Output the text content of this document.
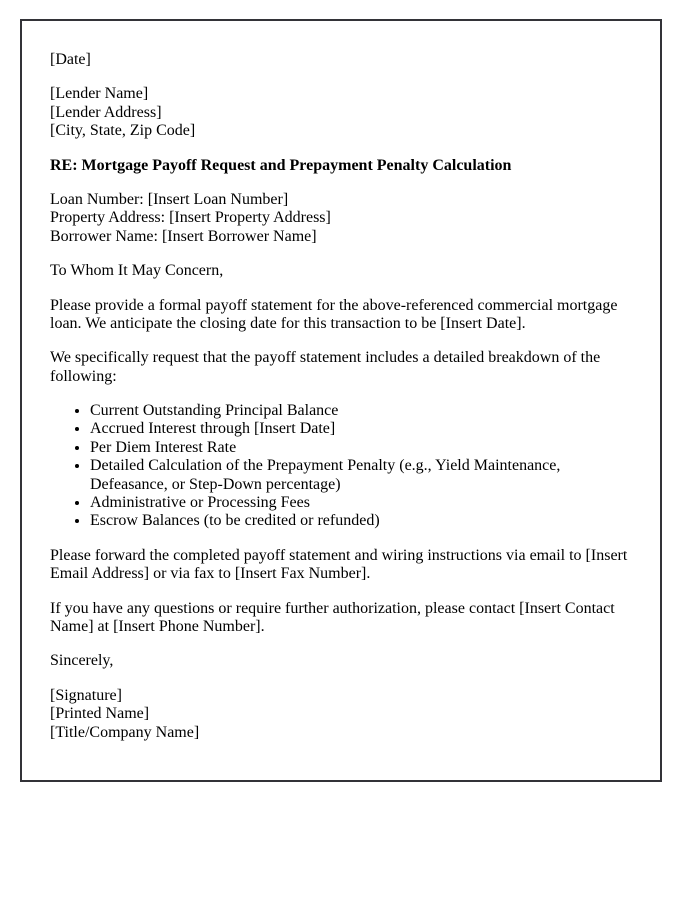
[Date]

[Lender Name]
[Lender Address]
[City, State, Zip Code]

RE: Mortgage Payoff Request and Prepayment Penalty Calculation

Loan Number: [Insert Loan Number]
Property Address: [Insert Property Address]
Borrower Name: [Insert Borrower Name]

To Whom It May Concern,

Please provide a formal payoff statement for the above-referenced commercial mortgage loan. We anticipate the closing date for this transaction to be [Insert Date].

We specifically request that the payoff statement includes a detailed breakdown of the following:

• Current Outstanding Principal Balance
• Accrued Interest through [Insert Date]
• Per Diem Interest Rate
• Detailed Calculation of the Prepayment Penalty (e.g., Yield Maintenance, Defeasance, or Step-Down percentage)
• Administrative or Processing Fees
• Escrow Balances (to be credited or refunded)

Please forward the completed payoff statement and wiring instructions via email to [Insert Email Address] or via fax to [Insert Fax Number].

If you have any questions or require further authorization, please contact [Insert Contact Name] at [Insert Phone Number].

Sincerely,

[Signature]
[Printed Name]
[Title/Company Name]
